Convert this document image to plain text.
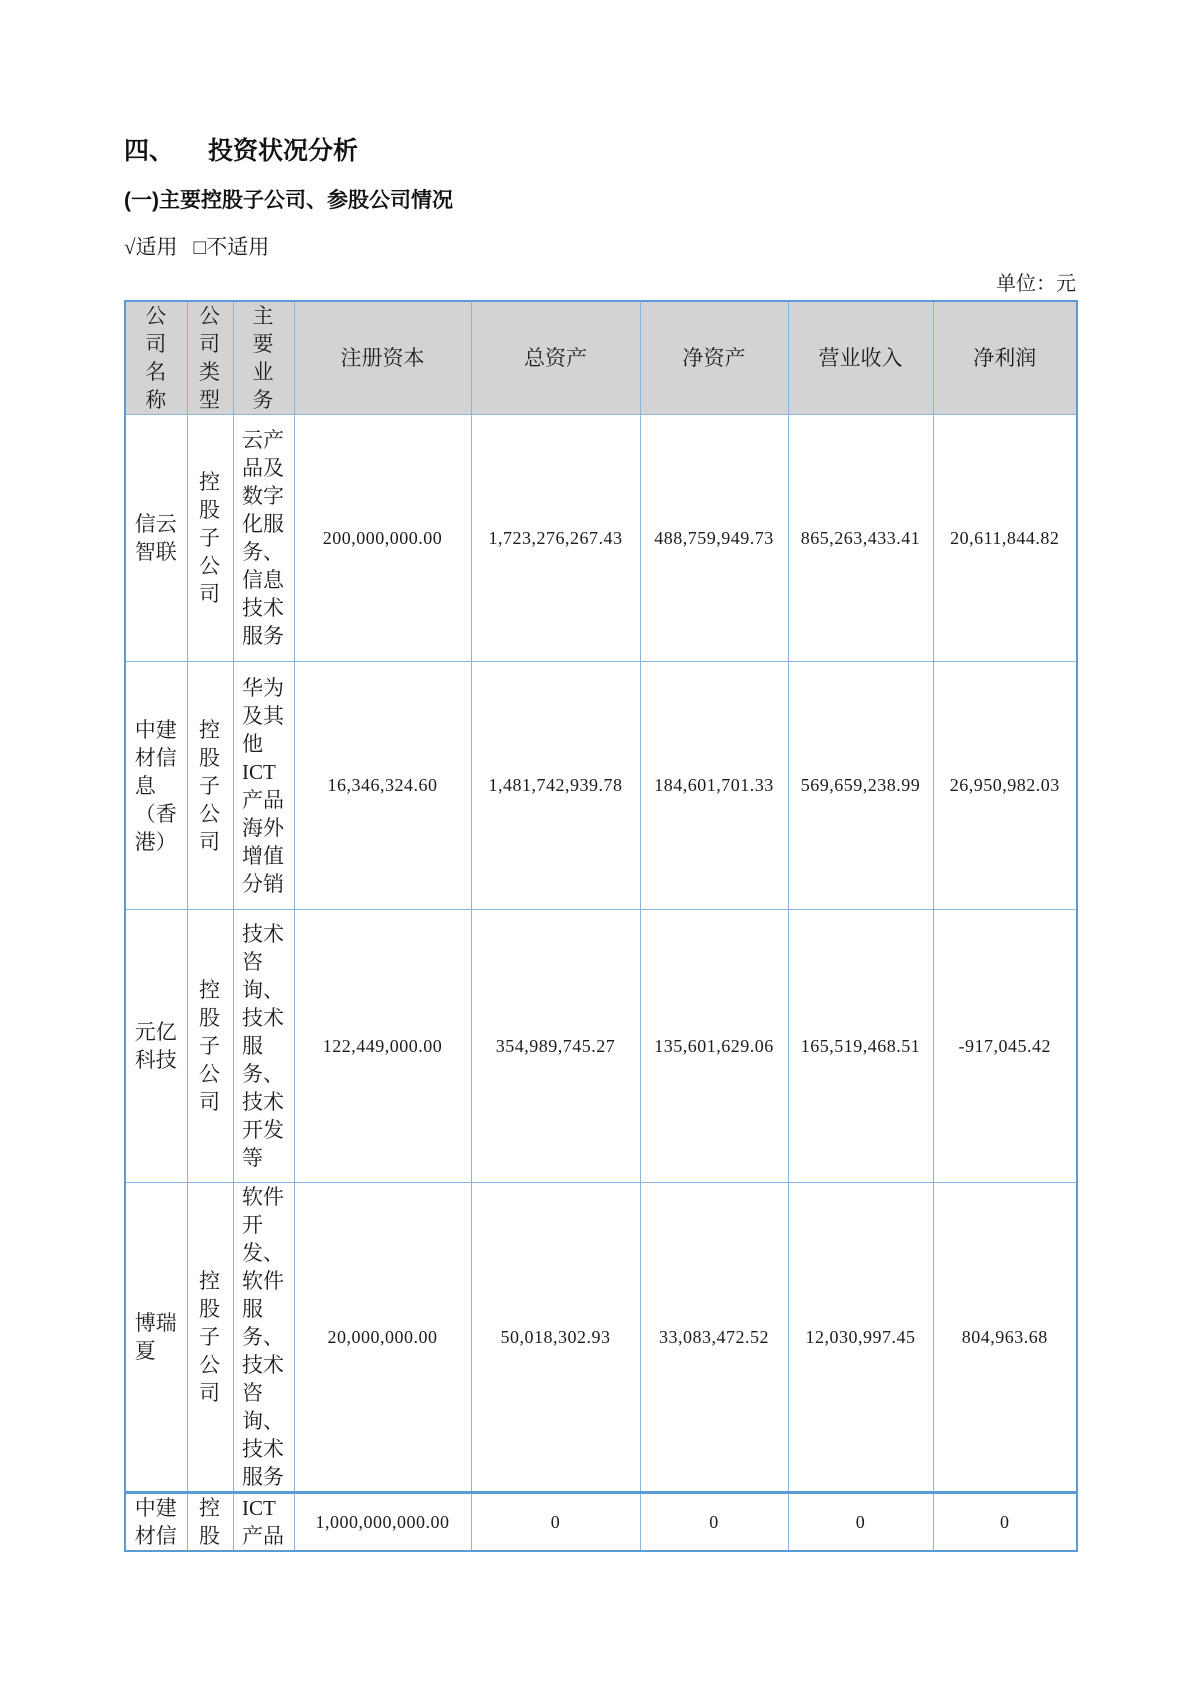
四、 投资状况分析
(一)主要控股子公司、参股公司情况
√适用 □不适用
单位：元
公司名称	公司类型	主要业务	注册资本	总资产	净资产	营业收入	净利润

信云智联	控股子公司	云产品及数字化服务、信息技术服务	200,000,000.00	1,723,276,267.43	488,759,949.73	865,263,433.41	20,611,844.82

中建材信息（香港）	控股子公司	华为及其他ICT产品海外增值分销	16,346,324.60	1,481,742,939.78	184,601,701.33	569,659,238.99	26,950,982.03

元亿科技	控股子公司	技术咨询、技术服务、技术开发等	122,449,000.00	354,989,745.27	135,601,629.06	165,519,468.51	-917,045.42

博瑞夏	控股子公司	软件开发、软件服务、技术咨询、技术服务	20,000,000.00	50,018,302.93	33,083,472.52	12,030,997.45	804,963.68

中建材信	控股	ICT产品	1,000,000,000.00	0	0	0	0
